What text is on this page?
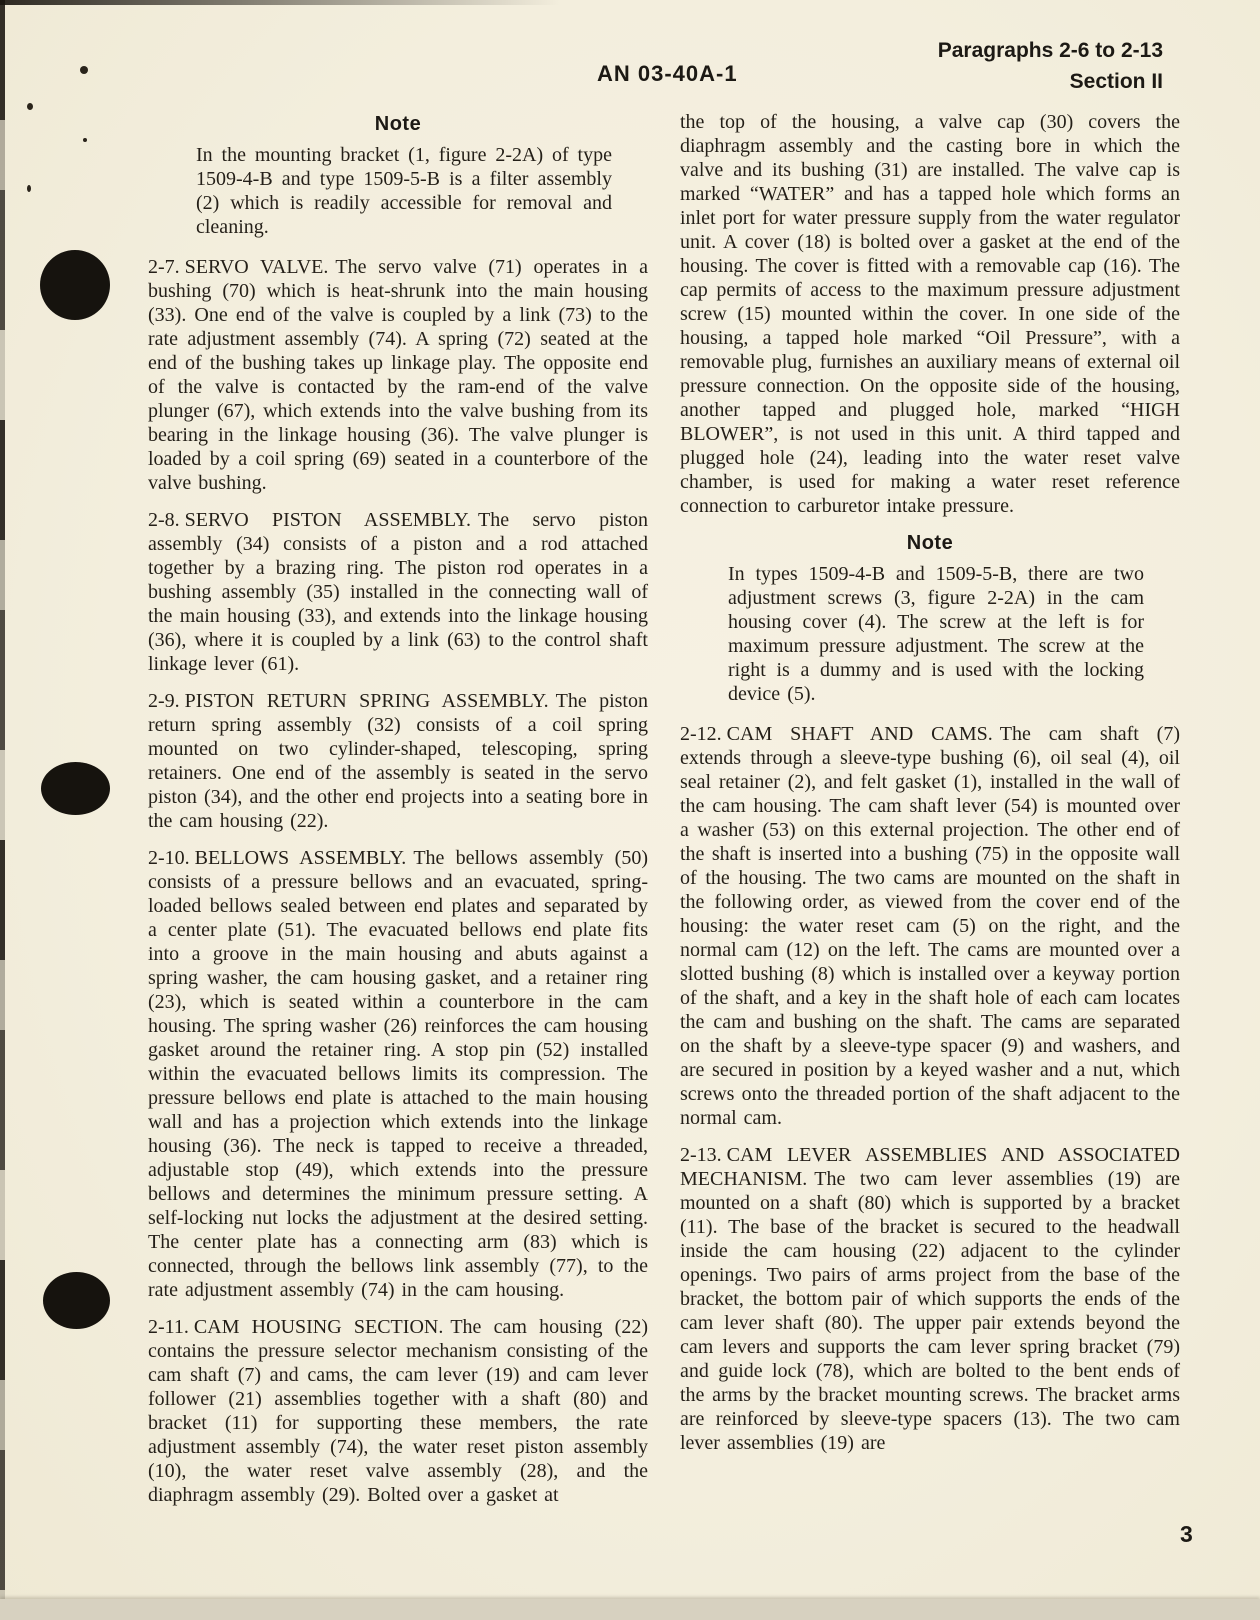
AN 03-40A-1
Paragraphs 2-6 to 2-13
Section II
Note
In the mounting bracket (1, figure 2-2A) of type 1509-4-B and type 1509-5-B is a filter assembly (2) which is readily accessible for removal and cleaning.

2-7. SERVO VALVE. The servo valve (71) operates in a bushing (70) which is heat-shrunk into the main housing (33). One end of the valve is coupled by a link (73) to the rate adjustment assembly (74). A spring (72) seated at the end of the bushing takes up linkage play. The opposite end of the valve is contacted by the ram-end of the valve plunger (67), which extends into the valve bushing from its bearing in the linkage housing (36). The valve plunger is loaded by a coil spring (69) seated in a counterbore of the valve bushing.

2-8. SERVO PISTON ASSEMBLY. The servo piston assembly (34) consists of a piston and a rod attached together by a brazing ring. The piston rod operates in a bushing assembly (35) installed in the connecting wall of the main housing (33), and extends into the linkage housing (36), where it is coupled by a link (63) to the control shaft linkage lever (61).

2-9. PISTON RETURN SPRING ASSEMBLY. The piston return spring assembly (32) consists of a coil spring mounted on two cylinder-shaped, telescoping, spring retainers. One end of the assembly is seated in the servo piston (34), and the other end projects into a seating bore in the cam housing (22).

2-10. BELLOWS ASSEMBLY. The bellows assembly (50) consists of a pressure bellows and an evacuated, spring-loaded bellows sealed between end plates and separated by a center plate (51). The evacuated bellows end plate fits into a groove in the main housing and abuts against a spring washer, the cam housing gasket, and a retainer ring (23), which is seated within a counterbore in the cam housing. The spring washer (26) reinforces the cam housing gasket around the retainer ring. A stop pin (52) installed within the evacuated bellows limits its compression. The pressure bellows end plate is attached to the main housing wall and has a projection which extends into the linkage housing (36). The neck is tapped to receive a threaded, adjustable stop (49), which extends into the pressure bellows and determines the minimum pressure setting. A self-locking nut locks the adjustment at the desired setting. The center plate has a connecting arm (83) which is connected, through the bellows link assembly (77), to the rate adjustment assembly (74) in the cam housing.

2-11. CAM HOUSING SECTION. The cam housing (22) contains the pressure selector mechanism consisting of the cam shaft (7) and cams, the cam lever (19) and cam lever follower (21) assemblies together with a shaft (80) and bracket (11) for supporting these members, the rate adjustment assembly (74), the water reset piston assembly (10), the water reset valve assembly (28), and the diaphragm assembly (29). Bolted over a gasket at

the top of the housing, a valve cap (30) covers the diaphragm assembly and the casting bore in which the valve and its bushing (31) are installed. The valve cap is marked “WATER” and has a tapped hole which forms an inlet port for water pressure supply from the water regulator unit. A cover (18) is bolted over a gasket at the end of the housing. The cover is fitted with a removable cap (16). The cap permits of access to the maximum pressure adjustment screw (15) mounted within the cover. In one side of the housing, a tapped hole marked “Oil Pressure”, with a removable plug, furnishes an auxiliary means of external oil pressure connection. On the opposite side of the housing, another tapped and plugged hole, marked “HIGH BLOWER”, is not used in this unit. A third tapped and plugged hole (24), leading into the water reset valve chamber, is used for making a water reset reference connection to carburetor intake pressure.

Note
In types 1509-4-B and 1509-5-B, there are two adjustment screws (3, figure 2-2A) in the cam housing cover (4). The screw at the left is for maximum pressure adjustment. The screw at the right is a dummy and is used with the locking device (5).

2-12. CAM SHAFT AND CAMS. The cam shaft (7) extends through a sleeve-type bushing (6), oil seal (4), oil seal retainer (2), and felt gasket (1), installed in the wall of the cam housing. The cam shaft lever (54) is mounted over a washer (53) on this external projection. The other end of the shaft is inserted into a bushing (75) in the opposite wall of the housing. The two cams are mounted on the shaft in the following order, as viewed from the cover end of the housing: the water reset cam (5) on the right, and the normal cam (12) on the left. The cams are mounted over a slotted bushing (8) which is installed over a keyway portion of the shaft, and a key in the shaft hole of each cam locates the cam and bushing on the shaft. The cams are separated on the shaft by a sleeve-type spacer (9) and washers, and are secured in position by a keyed washer and a nut, which screws onto the threaded portion of the shaft adjacent to the normal cam.

2-13. CAM LEVER ASSEMBLIES AND ASSOCIATED MECHANISM. The two cam lever assemblies (19) are mounted on a shaft (80) which is supported by a bracket (11). The base of the bracket is secured to the headwall inside the cam housing (22) adjacent to the cylinder openings. Two pairs of arms project from the base of the bracket, the bottom pair of which supports the ends of the cam lever shaft (80). The upper pair extends beyond the cam levers and supports the cam lever spring bracket (79) and guide lock (78), which are bolted to the bent ends of the arms by the bracket mounting screws. The bracket arms are reinforced by sleeve-type spacers (13). The two cam lever assemblies (19) are

3
